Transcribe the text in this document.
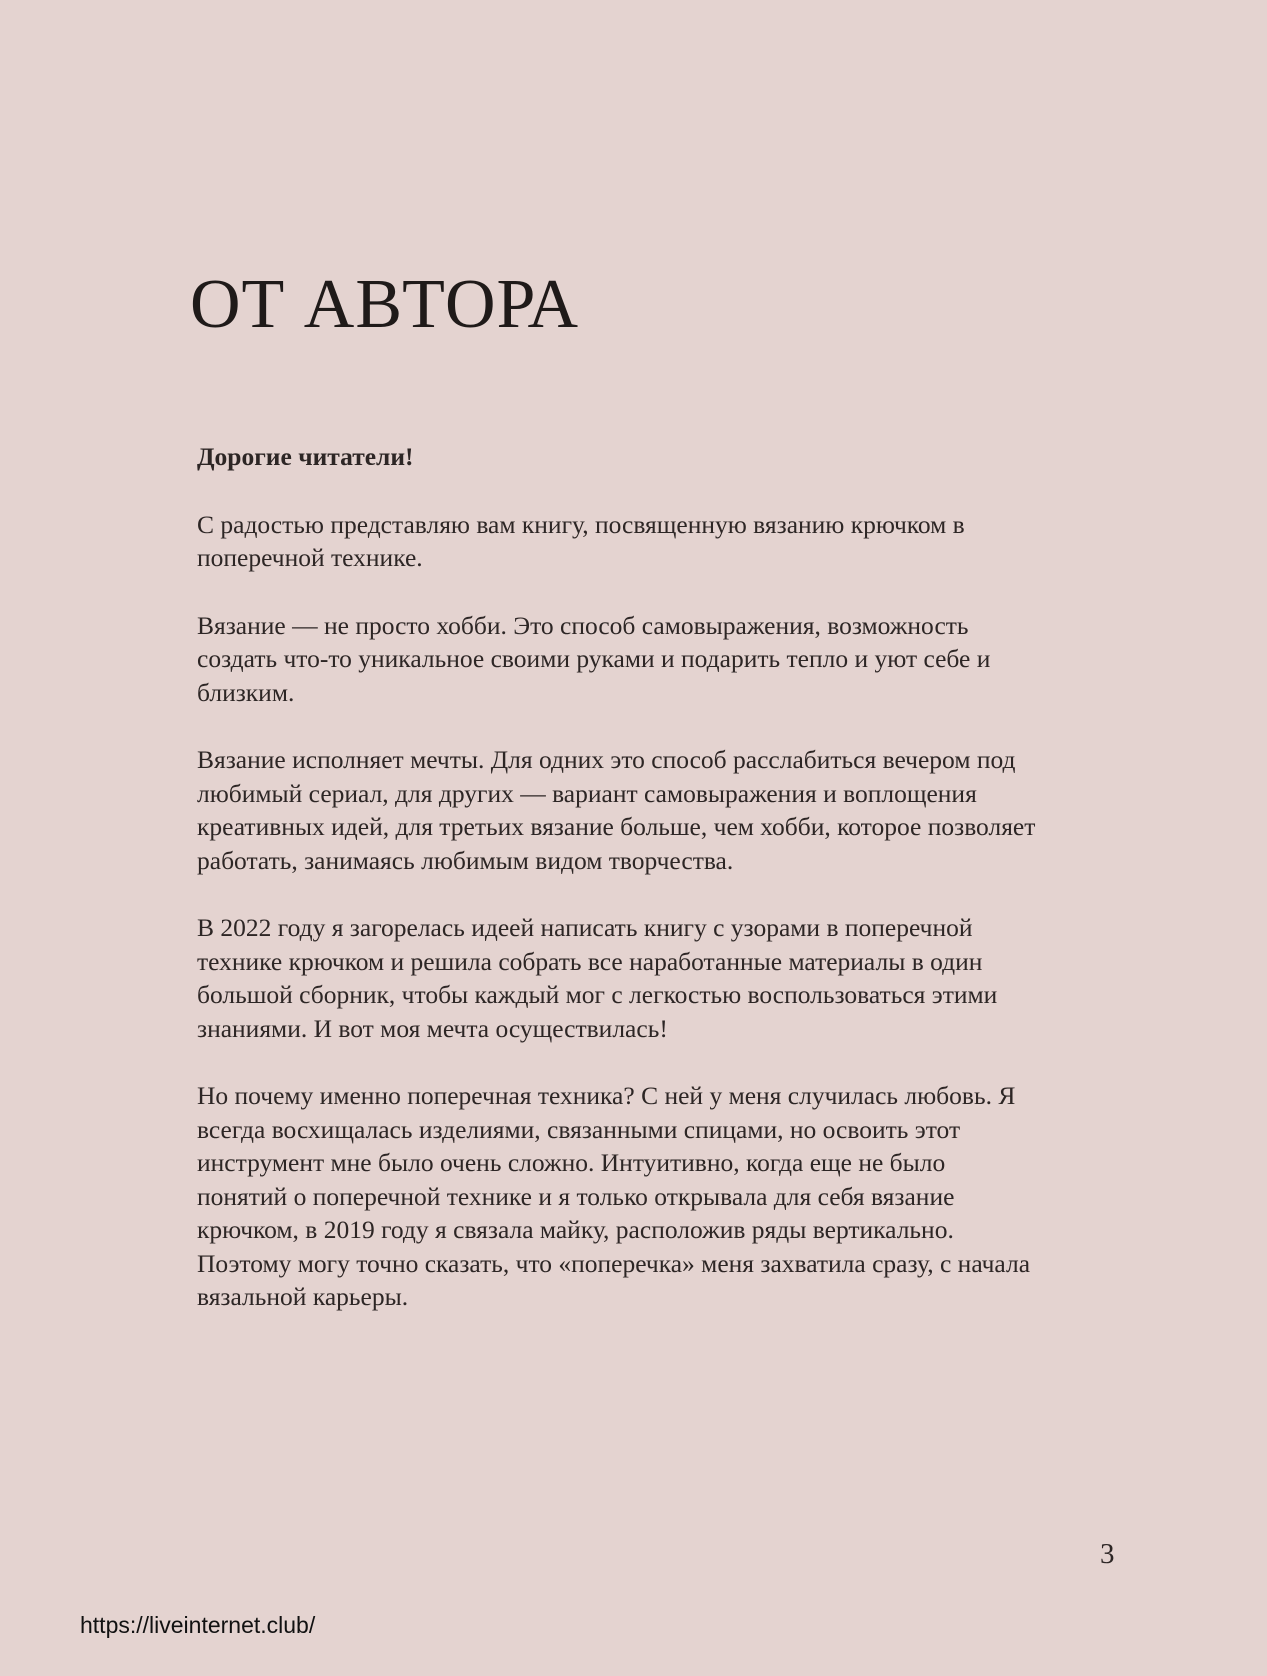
ОТ АВТОРА

Дорогие читатели!

С радостью представляю вам книгу, посвященную вязанию крючком в поперечной технике.

Вязание — не просто хобби. Это способ самовыражения, возможность создать что-то уникальное своими руками и подарить тепло и уют себе и близким.

Вязание исполняет мечты. Для одних это способ расслабиться вечером под любимый сериал, для других — вариант самовыражения и воплощения креативных идей, для третьих вязание больше, чем хобби, которое позволяет работать, занимаясь любимым видом творчества.

В 2022 году я загорелась идеей написать книгу с узорами в поперечной технике крючком и решила собрать все наработанные материалы в один большой сборник, чтобы каждый мог с легкостью воспользоваться этими знаниями. И вот моя мечта осуществилась!

Но почему именно поперечная техника? С ней у меня случилась любовь. Я всегда восхищалась изделиями, связанными спицами, но освоить этот инструмент мне было очень сложно. Интуитивно, когда еще не было понятий о поперечной технике и я только открывала для себя вязание крючком, в 2019 году я связала майку, расположив ряды вертикально. Поэтому могу точно сказать, что «поперечка» меня захватила сразу, с начала вязальной карьеры.

3
https://liveinternet.club/
